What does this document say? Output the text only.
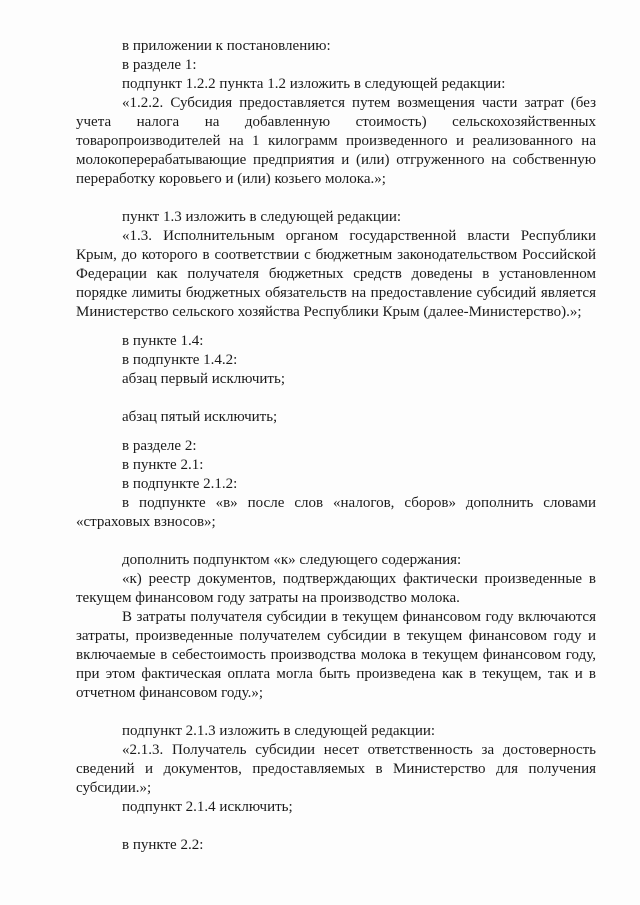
в приложении к постановлению:

в разделе 1:

подпункт 1.2.2 пункта 1.2 изложить в следующей редакции:

«1.2.2. Субсидия предоставляется путем возмещения части затрат (без учета налога на добавленную стоимость) сельскохозяйственных товаропроизводителей на 1 килограмм произведенного и реализованного на молокоперерабатывающие предприятия и (или) отгруженного на собственную переработку коровьего и (или) козьего молока.»;

пункт 1.3 изложить в следующей редакции:

«1.3. Исполнительным органом государственной власти Республики Крым, до которого в соответствии с бюджетным законодательством Российской Федерации как получателя бюджетных средств доведены в установленном порядке лимиты бюджетных обязательств на предоставление субсидий является Министерство сельского хозяйства Республики Крым (далее-Министерство).»;

в пункте 1.4:

в подпункте 1.4.2:

абзац первый исключить;

абзац пятый исключить;

в разделе 2:

в пункте 2.1:

в подпункте 2.1.2:

в подпункте «в» после слов «налогов, сборов» дополнить словами «страховых взносов»;

дополнить подпунктом «к» следующего содержания:

«к) реестр документов, подтверждающих фактически произведенные в текущем финансовом году затраты на производство молока.

В затраты получателя субсидии в текущем финансовом году включаются затраты, произведенные получателем субсидии в текущем финансовом году и включаемые в себестоимость производства молока в текущем финансовом году, при этом фактическая оплата могла быть произведена как в текущем, так и в отчетном финансовом году.»;

подпункт 2.1.3 изложить в следующей редакции:

«2.1.3. Получатель субсидии несет ответственность за достоверность сведений и документов, предоставляемых в Министерство для получения субсидии.»;

подпункт 2.1.4 исключить;

в пункте 2.2:
